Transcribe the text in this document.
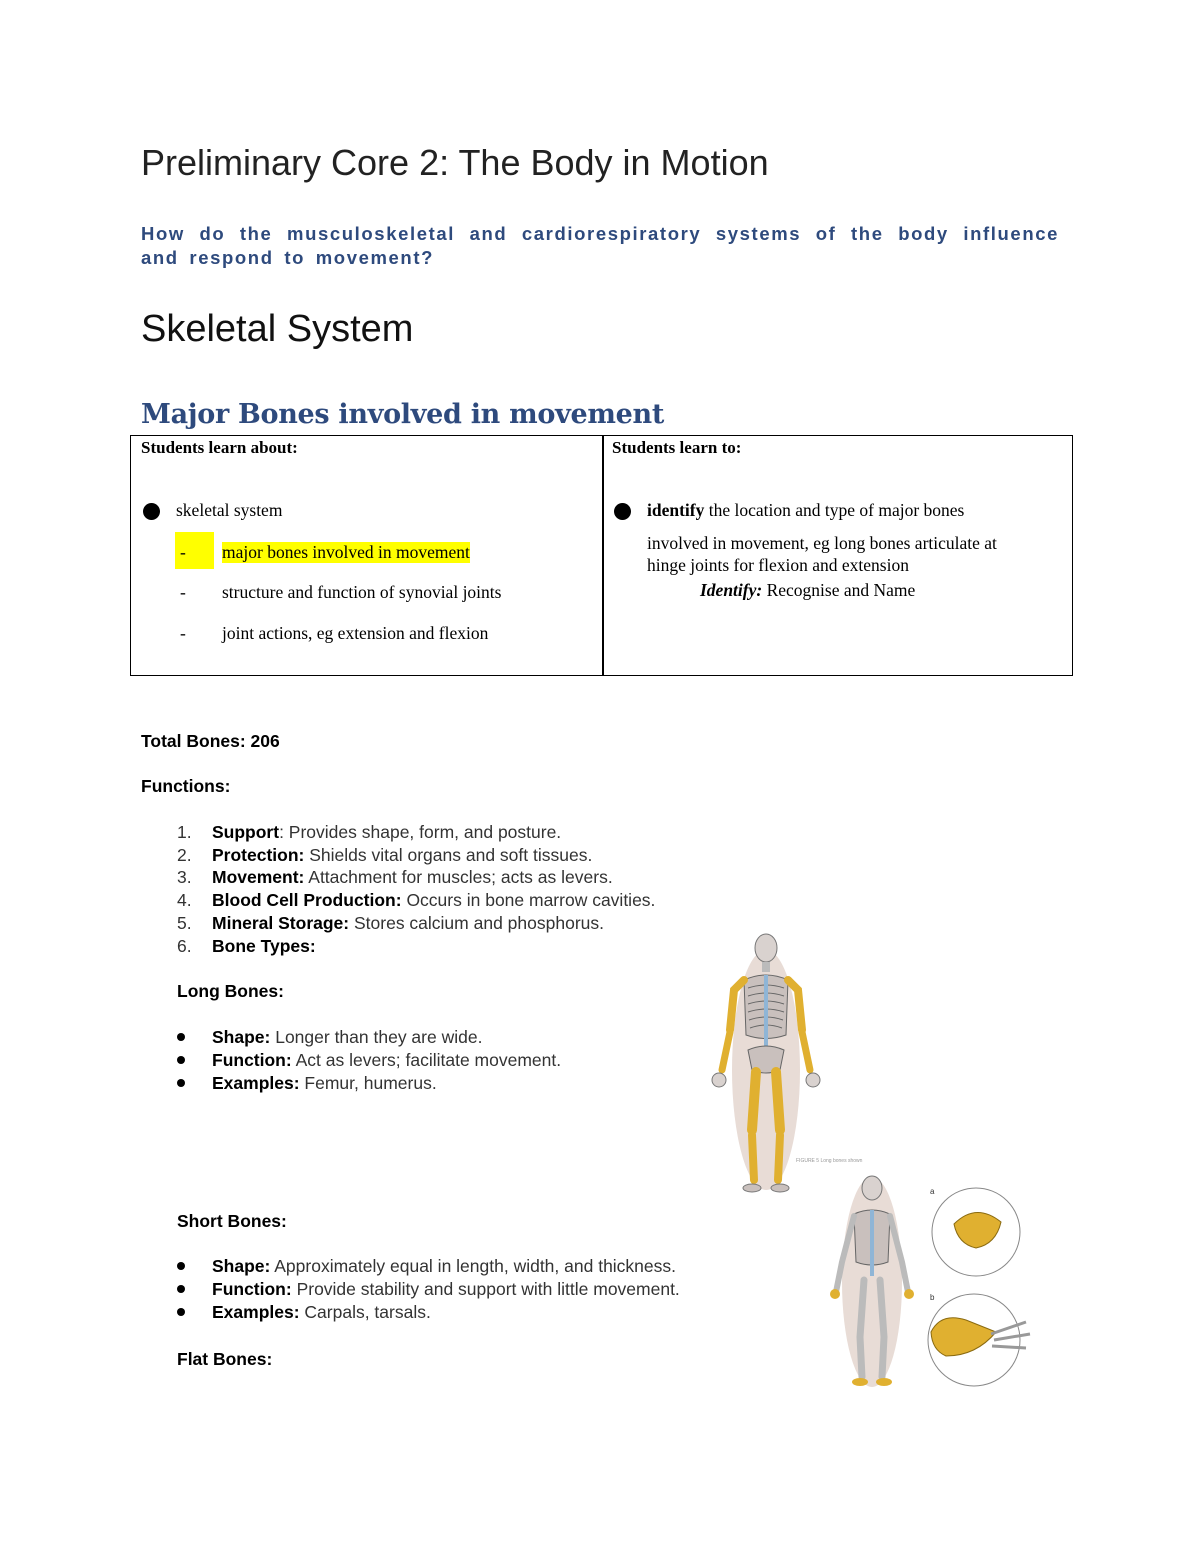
Preliminary Core 2: The Body in Motion
How do the musculoskeletal and cardiorespiratory systems of the body influence and respond to movement?
Skeletal System
Major Bones involved in movement
Students learn about:
skeletal system
- major bones involved in movement
- structure and function of synovial joints
- joint actions, eg extension and flexion
Students learn to:
identify the location and type of major bones
involved in movement, eg long bones articulate at
hinge joints for flexion and extension
Identify: Recognise and Name
Total Bones: 206
Functions:
1. Support: Provides shape, form, and posture.
2. Protection: Shields vital organs and soft tissues.
3. Movement: Attachment for muscles; acts as levers.
4. Blood Cell Production: Occurs in bone marrow cavities.
5. Mineral Storage: Stores calcium and phosphorus.
6. Bone Types:
Long Bones:
Shape: Longer than they are wide.
Function: Act as levers; facilitate movement.
Examples: Femur, humerus.
FIGURE 5 Long bones shown
Short Bones:
Shape: Approximately equal in length, width, and thickness.
Function: Provide stability and support with little movement.
Examples: Carpals, tarsals.
a
b
Flat Bones:
